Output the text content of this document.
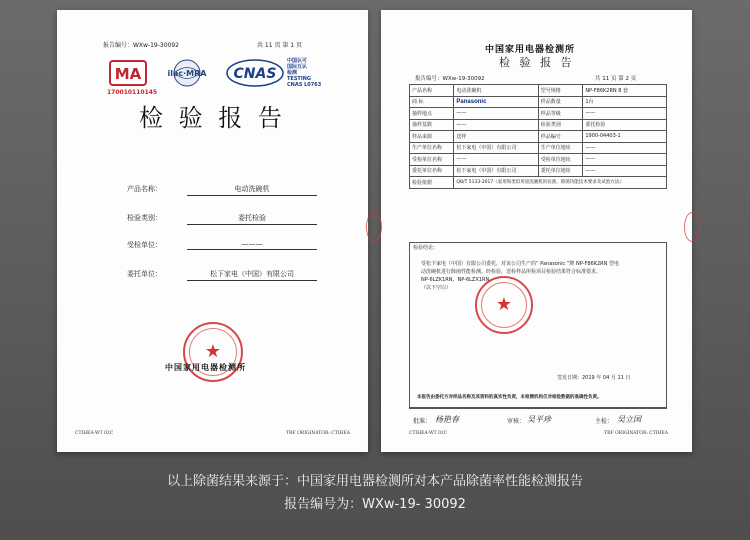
报告编号：WXw-19-30092	共 11 页 第 1 页
MA
170010110145
ilac·MRA CNAS
中国认可
国际互认
检测
TESTING
CNAS L0763
检 验 报 告
产品名称：	电动洗碗机
检验类别：	委托检验
受检单位：	———
委托单位：	松下家电（中国）有限公司
★
中国家用电器检测所
CTIHEA-WT 02C	TRF ORIGINATOR: CTIHEA
中国家用电器检测所
检 验 报 告
报告编号：WXw-19-30092	共 11 页 第 2 页
产品名称	电动洗碗机	型号规格	NP-F86K2RN 8 套
商 标	Panasonic	样品数量	1台
抽样地点	——	样品等级	——
抽样基数	——	检验类别	委托检验
样品来源	送样	样品编号	1900-04403-1
生产单位名称	松下家电（中国）有限公司	生产单位地址	——
受检单位名称	——	受检单位地址	——
委托单位名称	松下家电（中国）有限公司	委托单位地址	——
检验依据	QB/T 5133-2017《家用和类似用途洗碗机的抗菌、除菌功能技术要求及试验方法》		
检验结论：
受松下家电（中国）有限公司委托，对该公司生产的“ Panasonic ”牌 NP-F86K2RN 型电
动洗碗机进行除菌性能检测。经检验，送检样品所检项目检验结果符合标准要求。
NP-6LZK1RN、NP-6LZX1RN。
（以下空白）
★
签发日期：2019 年 04 月 11 日
本报告由委托方对样品名称及其资料的真实性负责，本检测机构仅对检验数据的准确性负责。
批准： 杨艳春	审核： 吴平珍	主检： 吴立国
CTIHEA-WT 02C	TRF ORIGINATOR: CTIHEA
以上除菌结果来源于：中国家用电器检测所对本产品除菌率性能检测报告
报告编号为：WXw-19- 30092
